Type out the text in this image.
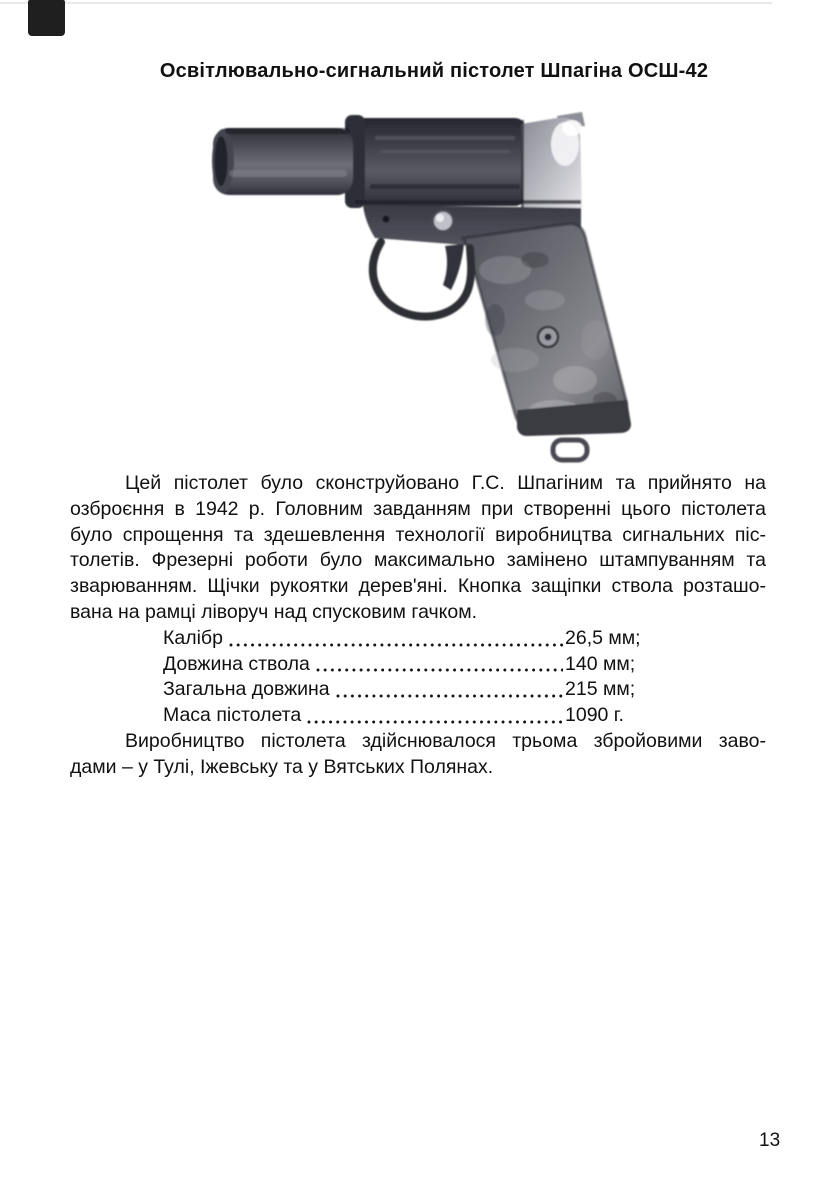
Освітлювально-сигнальний пістолет Шпагіна ОСШ-42
Цей пістолет було сконструйовано Г.С. Шпагіним та прийнято на
озброєння в 1942 р. Головним завданням при створенні цього пістолета
було спрощення та здешевлення технології виробництва сигнальних піс-
толетів. Фрезерні роботи було максимально замінено штампуванням та
зварюванням. Щічки рукоятки дерев'яні. Кнопка защіпки ствола розташо-
вана на рамці ліворуч над спусковим гачком.
Калібр	26,5 мм;
Довжина ствола	140 мм;
Загальна довжина	215 мм;
Маса пістолета	1090 г.
Виробництво пістолета здійснювалося трьома збройовими заво-
дами – у Тулі, Іжевську та у Вятських Полянах.
13
